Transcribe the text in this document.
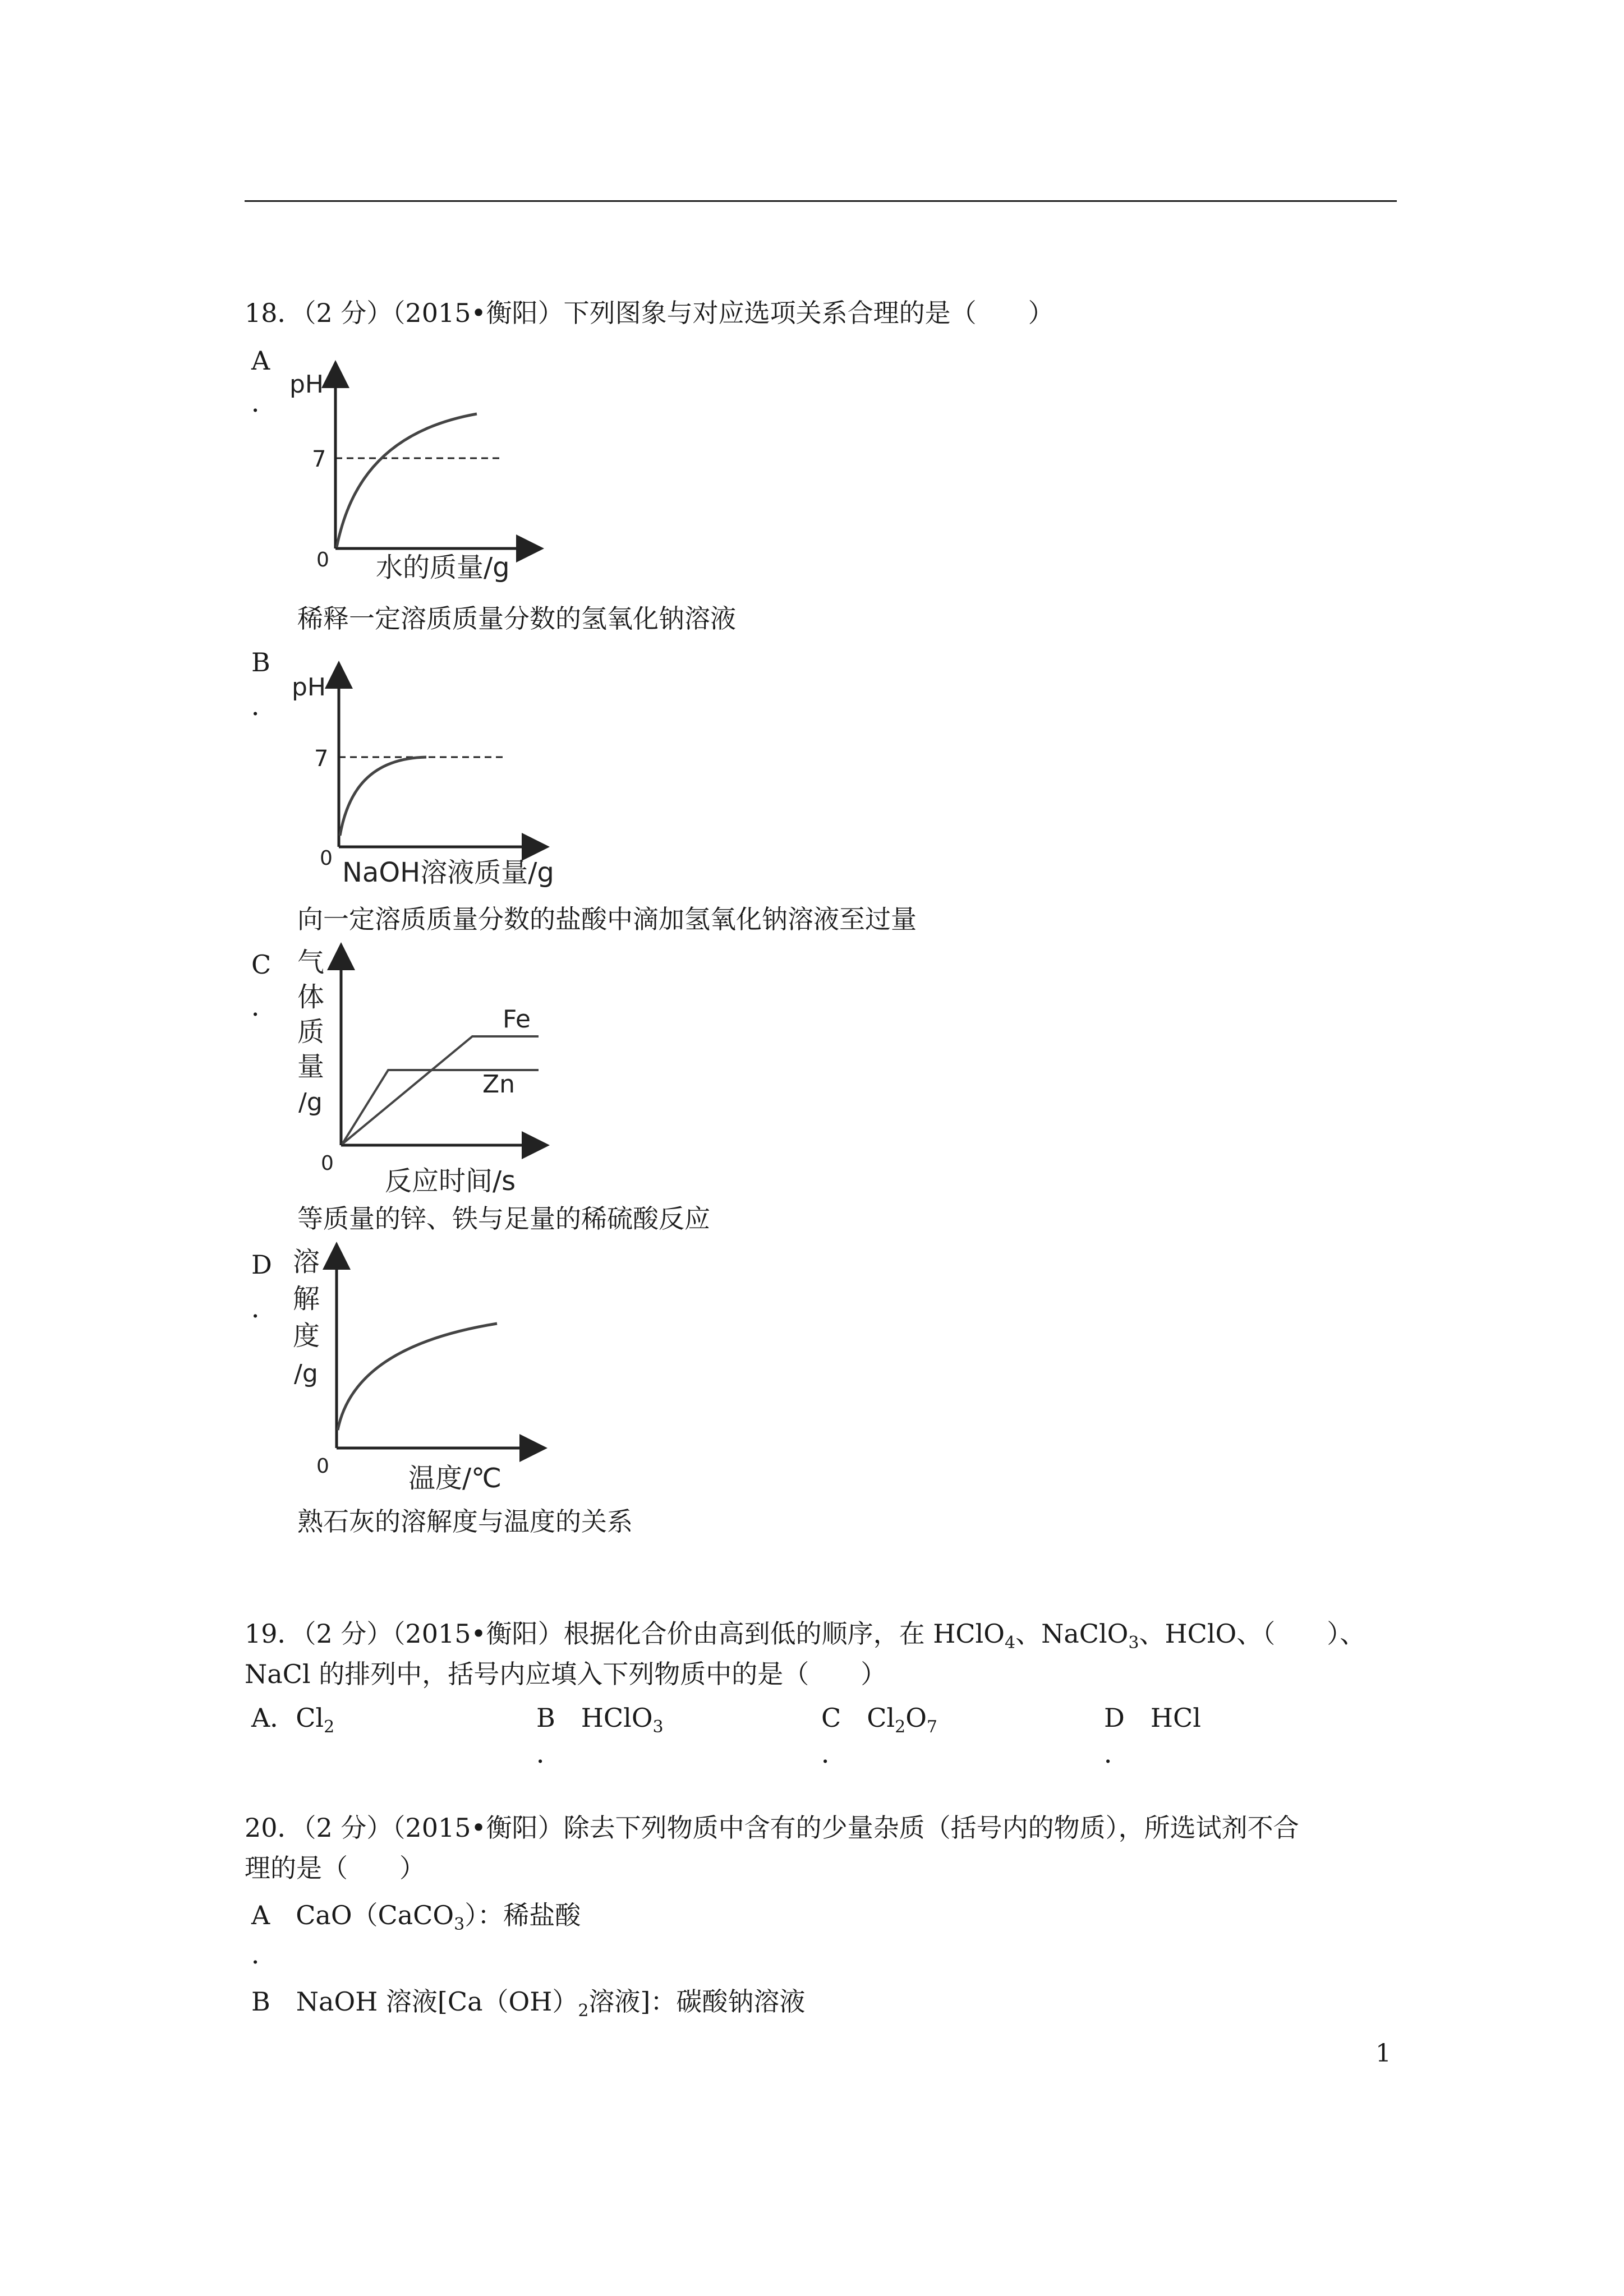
18．（2 分）（2015•衡阳）下列图象与对应选项关系合理的是（　　）
A
．
pH
7
0 水的质量/g
稀释一定溶质质量分数的氢氧化钠溶液
B
．
pH
7
0 NaOH溶液质量/g
向一定溶质质量分数的盐酸中滴加氢氧化钠溶液至过量
C
．	Fe
Zn
气
体
质
量
/g
0
反应时间/s
等质量的锌、铁与足量的稀硫酸反应
D
．
溶
解
度
/g
0	温度/℃
熟石灰的溶解度与温度的关系
19．（2 分）（2015•衡阳）根据化合价由高到低的顺序，在 HClO$_4$、NaClO$_3$、HClO、（　　）、
NaCl 的排列中，括号内应填入下列物质中的是（　　）
A．$Cl_2$	B　HClO$_3$
．
C　$Cl_2O_7$
．
D　HCl
．
20．（2 分）（2015•衡阳）除去下列物质中含有的少量杂质（括号内的物质），所选试剂不合
理的是（　　）
A　CaO（CaCO$_3$）：稀盐酸
．
B　NaOH 溶液[$Ca(OH)_2$溶液]：碳酸钠溶液
1
